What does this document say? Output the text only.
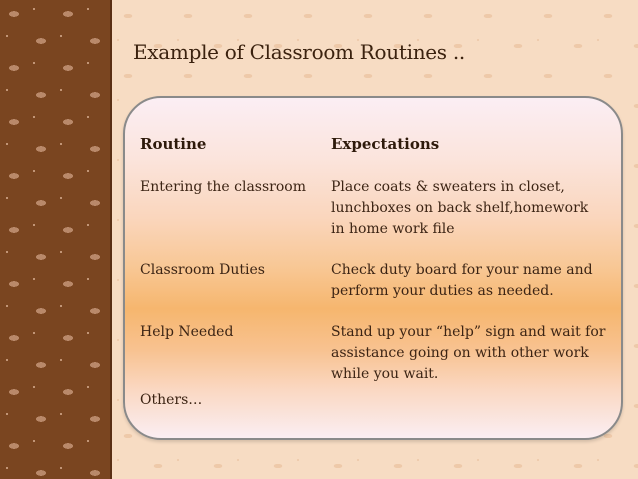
Example of Classroom Routines ..
Routine	Expectations
Entering the classroom	Place coats & sweaters in closet,
lunchboxes on back shelf,homework
in home work file
Classroom Duties	Check duty board for your name and
perform your duties as needed.
Help Needed	Stand up your “help” sign and wait for
assistance going on with other work
while you wait.
Others…
